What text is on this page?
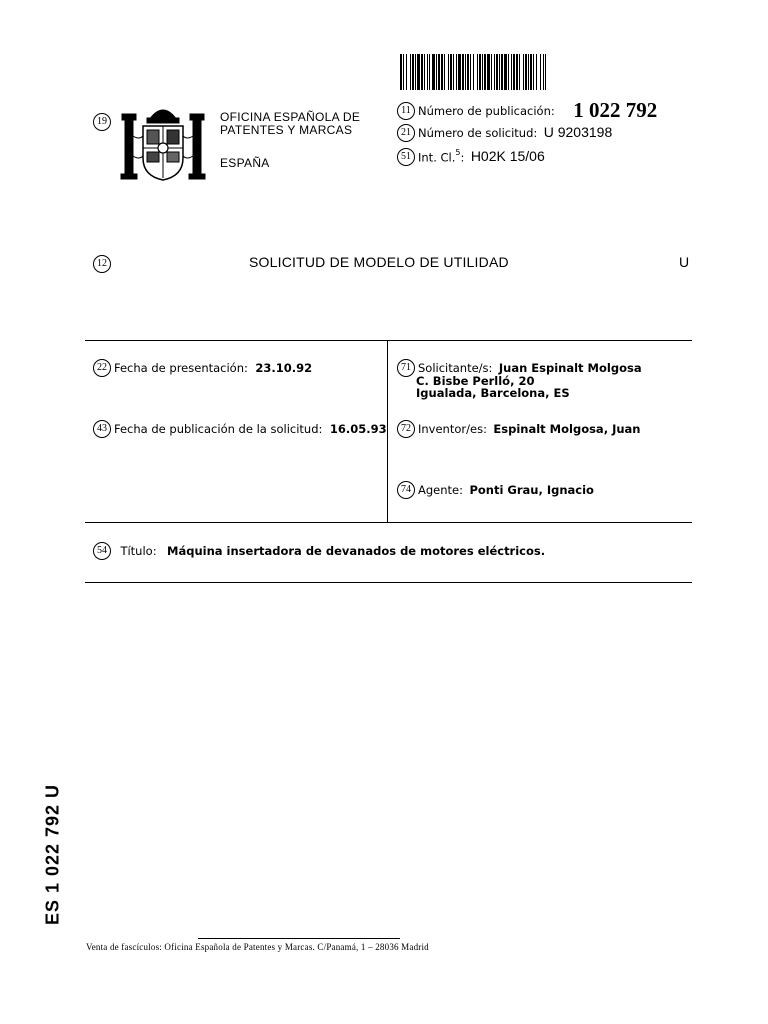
19	OFICINA ESPAÑOLA DE
PATENTES Y MARCAS
ESPAÑA
11 Número de publicación: 1 022 792
21 Número de solicitud: U 9203198
51 Int. Cl.$^5$: H02K 15/06
12	SOLICITUD DE MODELO DE UTILIDAD	U
22 Fecha de presentación: 23.10.92
43 Fecha de publicación de la solicitud: 16.05.93
71 Solicitante/s: Juan Espinalt Molgosa
C. Bisbe Perlló, 20
Igualada, Barcelona, ES
72 Inventor/es: Espinalt Molgosa, Juan
74 Agente: Ponti Grau, Ignacio
54 Título: Máquina insertadora de devanados de motores eléctricos.
ES 1 022 792 U
Venta de fascículos: Oficina Española de Patentes y Marcas. C/Panamá, 1 – 28036 Madrid
